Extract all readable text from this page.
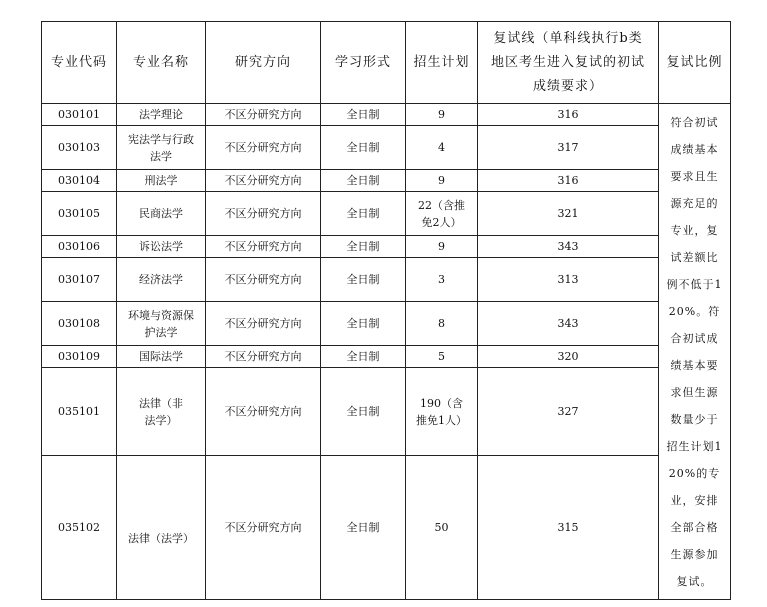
专业代码	专业名称	研究方向	学习形式	招生计划	复试线（单科线执行b类地区考生进入复试的初试成绩要求）	复试比例
030101	法学理论	不区分研究方向	全日制	9	316	符合初试成绩基本要求且生源充足的专业，复试差额比例不低于120%。符合初试成绩基本要求但生源数量少于招生计划120%的专业，安排全部合格生源参加复试。

030103	宪法学与行政法学	不区分研究方向	全日制	4	317	
030104	刑法学	不区分研究方向	全日制	9	316	
030105	民商法学	不区分研究方向	全日制	22（含推免2人）	321	
030106	诉讼法学	不区分研究方向	全日制	9	343	
030107	经济法学	不区分研究方向	全日制	3	313	
030108	环境与资源保护法学	不区分研究方向	全日制	8	343	
030109	国际法学	不区分研究方向	全日制	5	320	
035101	法律（非法学）	不区分研究方向	全日制	190（含推免1人）	327	
035102	法律（法学）	不区分研究方向	全日制	50	315	
